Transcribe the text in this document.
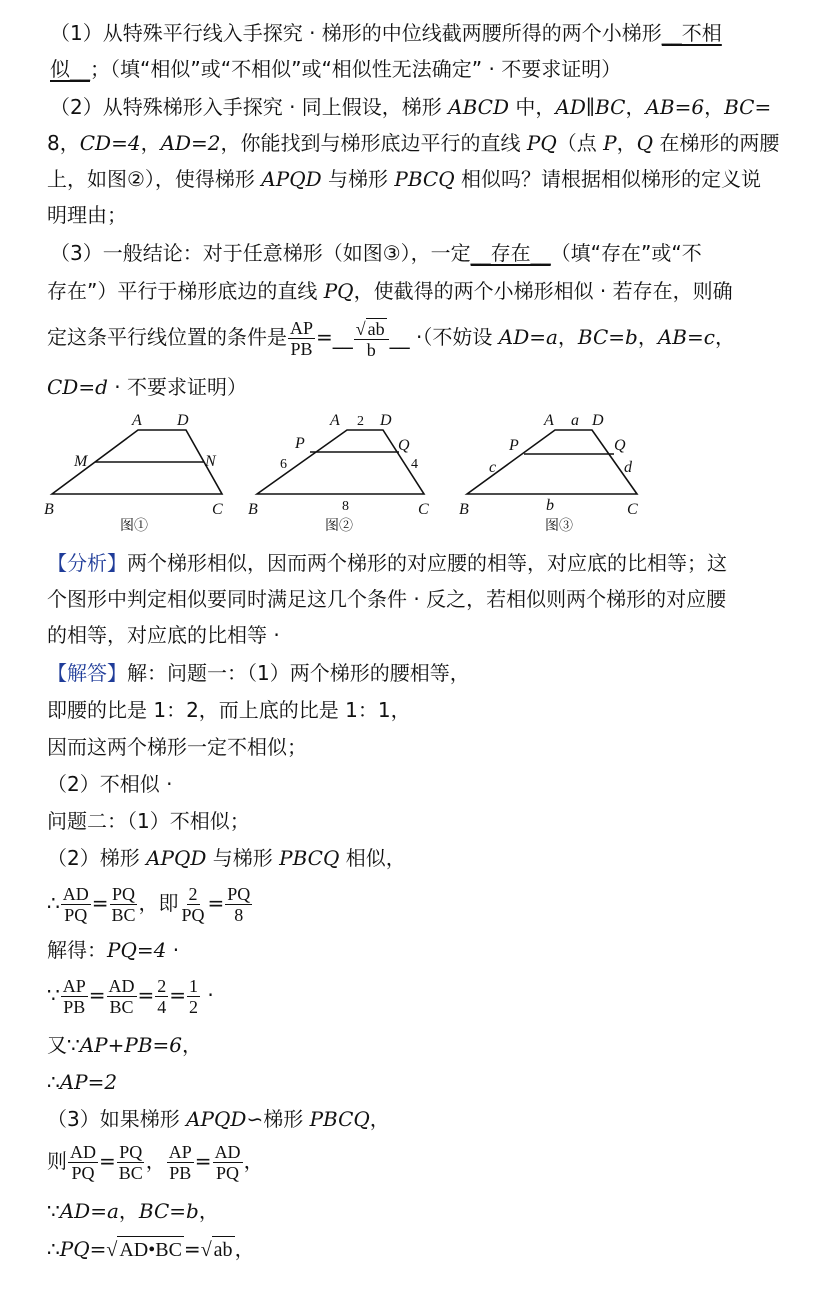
（1）从特殊平行线入手探究 · 梯形的中位线截两腰所得的两个小梯形__不相
似__；（填“相似”或“不相似”或“相似性无法确定” · 不要求证明）
（2）从特殊梯形入手探究 · 同上假设，梯形 ABCD 中，AD∥BC，AB=6，BC=
8，CD=4，AD=2，你能找到与梯形底边平行的直线 PQ（点 P，Q 在梯形的两腰
上，如图②），使得梯形 APQD 与梯形 PBCQ 相似吗？请根据相似梯形的定义说
明理由；
（3）一般结论：对于任意梯形（如图③），一定__存在__（填“存在”或“不
存在”）平行于梯形底边的直线 PQ，使截得的两个小梯形相似 · 若存在，则确
定这条平行线位置的条件是 $\frac{AP}{PB}$ =__ $\frac{√ ab}{b}$ __ ·（不妨设 AD=a，BC=b，AB=c，
CD=d · 不要求证明）
A D
M	N
B	C
图①
A 2 D
P	Q
6	4
8
B	C
图②
A a D
P	Q
c	d
b
B	C
图③
【分析】两个梯形相似，因而两个梯形的对应腰的相等，对应底的比相等；这
个图形中判定相似要同时满足这几个条件 · 反之，若相似则两个梯形的对应腰
的相等，对应底的比相等 ·
【解答】解：问题一：（1）两个梯形的腰相等，
即腰的比是 1：2，而上底的比是 1：1，
因而这两个梯形一定不相似；
（2）不相似 ·
问题二：（1）不相似；
（2）梯形 APQD 与梯形 PBCQ 相似，
∴ $\frac{AD}{PQ} = \frac{PQ}{BC}$ ，即 $\frac{2}{PQ} = \frac{PQ}{8}$
解得：PQ=4 ·
∵ $\frac{AP}{PB} = \frac{AD}{BC} = \frac{2}{4} = \frac{1}{2}$ ·
又∵AP+PB=6，
∴AP=2
（3）如果梯形 APQD∽梯形 PBCQ，
则 $\frac{AD}{PQ} = \frac{PQ}{BC}$ ， $\frac{AP}{PB} = \frac{AD}{PQ}$ ，
∵AD=a，BC=b，
∴PQ=√ AD•BC =√ ab ，
